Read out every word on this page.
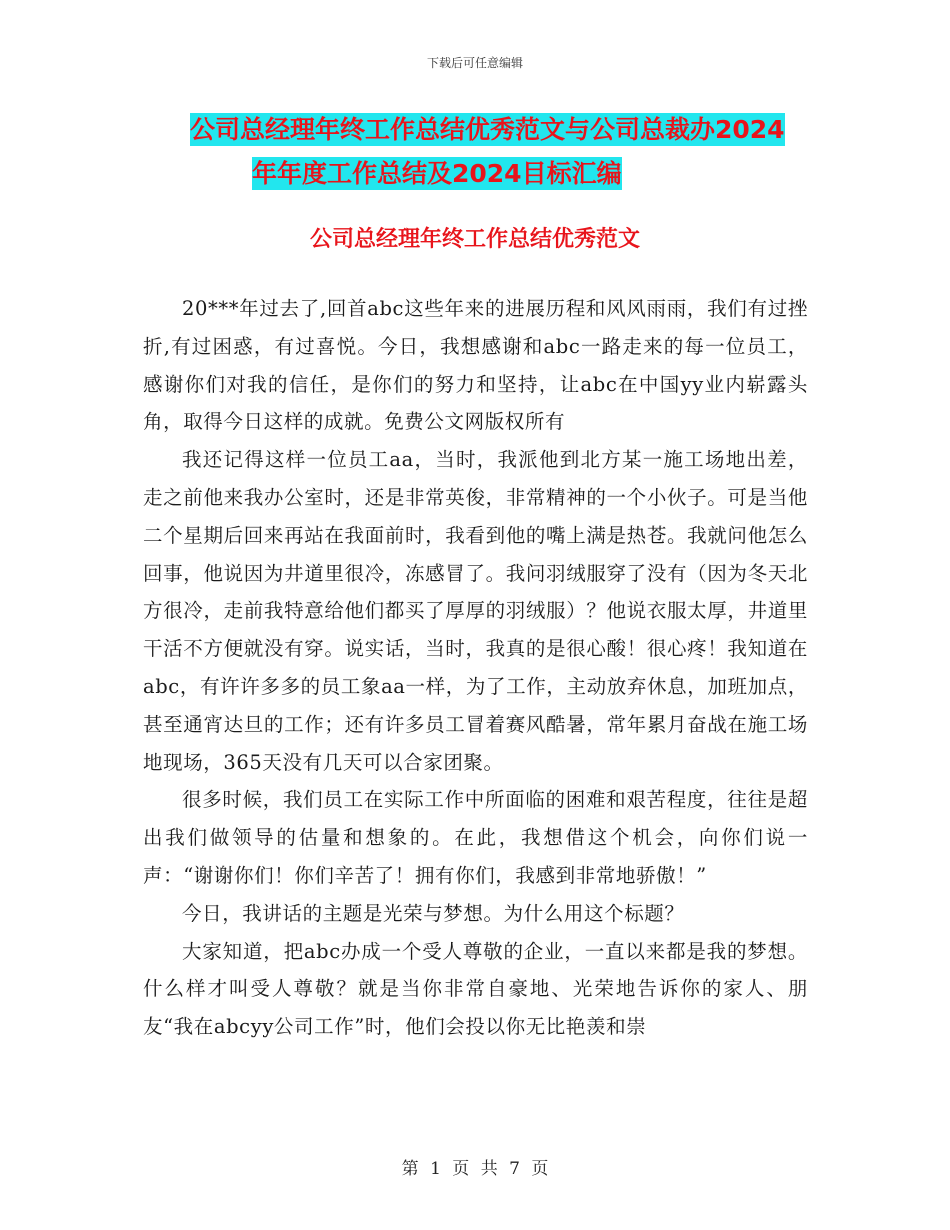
下载后可任意编辑
公司总经理年终工作总结优秀范文与公司总裁办2024
年年度工作总结及2024目标汇编
公司总经理年终工作总结优秀范文

20***年过去了,回首abc这些年来的进展历程和风风雨雨，我们有过挫折,有过困惑，有过喜悦。今日，我想感谢和abc一路走来的每一位员工，感谢你们对我的信任，是你们的努力和坚持，让abc在中国yy业内崭露头角，取得今日这样的成就。免费公文网版权所有

我还记得这样一位员工aa，当时，我派他到北方某一施工场地出差，走之前他来我办公室时，还是非常英俊，非常精神的一个小伙子。可是当他二个星期后回来再站在我面前时，我看到他的嘴上满是热苍。我就问他怎么回事，他说因为井道里很冷，冻感冒了。我问羽绒服穿了没有（因为冬天北方很冷，走前我特意给他们都买了厚厚的羽绒服）？他说衣服太厚，井道里干活不方便就没有穿。说实话，当时，我真的是很心酸！很心疼！我知道在abc，有许许多多的员工象aa一样，为了工作，主动放弃休息，加班加点，甚至通宵达旦的工作；还有许多员工冒着赛风酷暑，常年累月奋战在施工场地现场，365天没有几天可以合家团聚。

很多时候，我们员工在实际工作中所面临的困难和艰苦程度，往往是超出我们做领导的估量和想象的。在此，我想借这个机会，向你们说一声：“谢谢你们！你们辛苦了！拥有你们，我感到非常地骄傲！”

今日，我讲话的主题是光荣与梦想。为什么用这个标题？

大家知道，把abc办成一个受人尊敬的企业，一直以来都是我的梦想。什么样才叫受人尊敬？就是当你非常自豪地、光荣地告诉你的家人、朋友“我在abcyy公司工作”时，他们会投以你无比艳羡和崇

第 1 页 共 7 页
